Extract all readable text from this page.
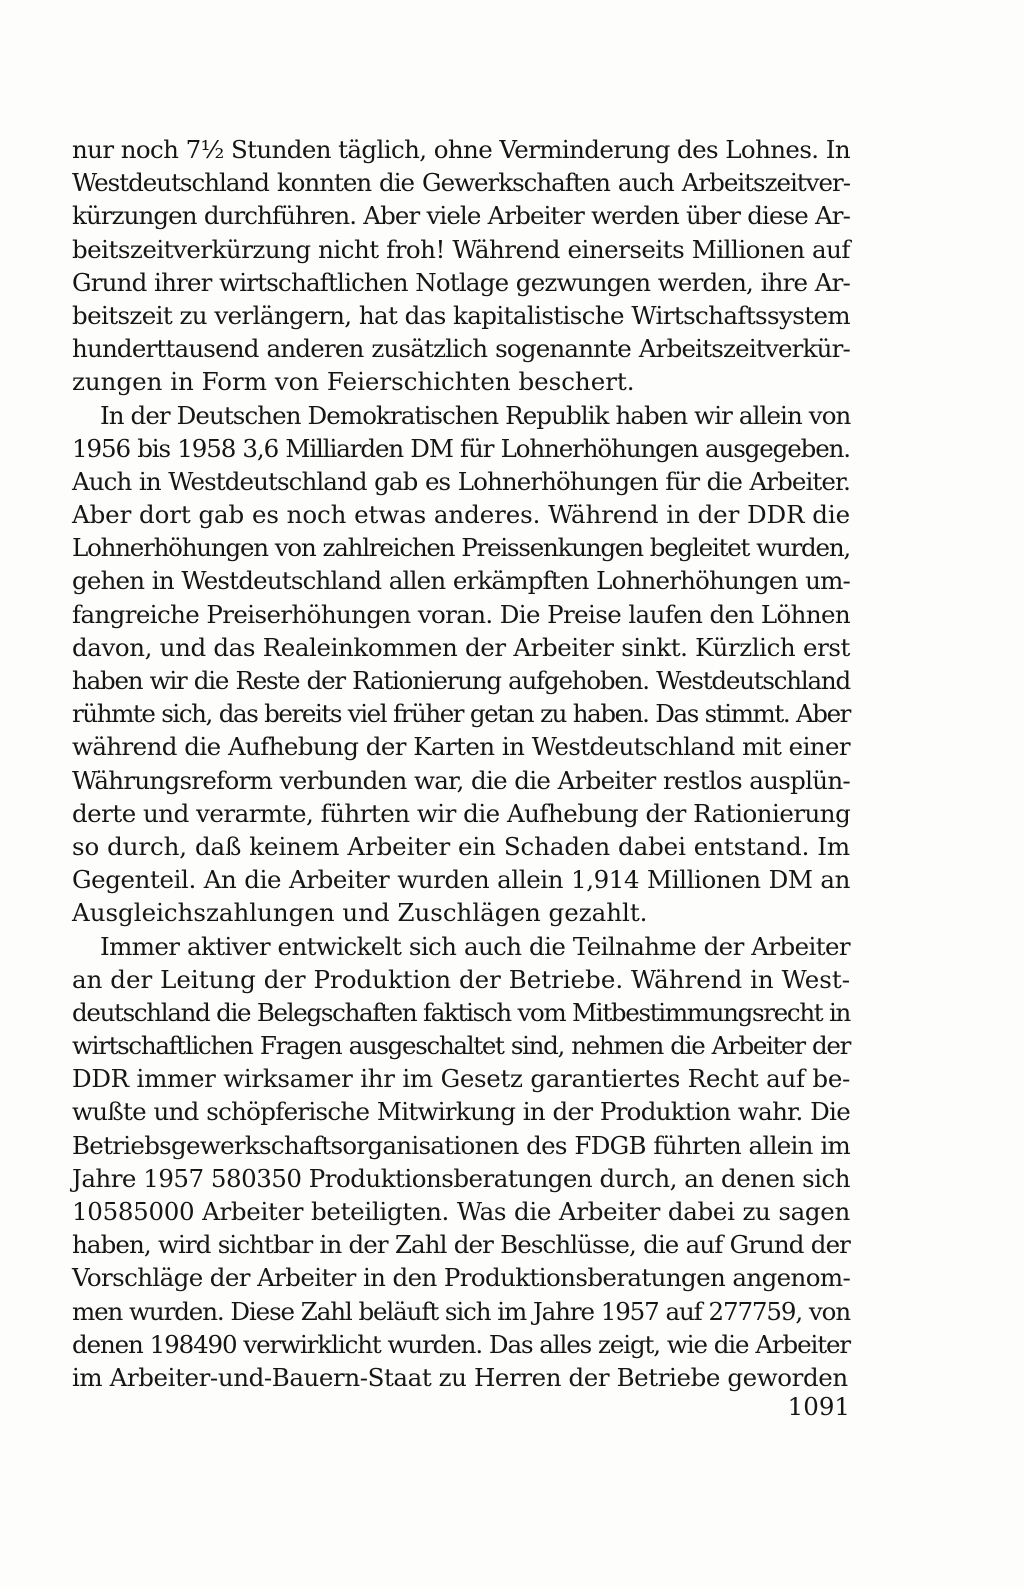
nur noch 7½ Stunden täglich, ohne Verminderung des Lohnes. In
Westdeutschland konnten die Gewerkschaften auch Arbeitszeitver-
kürzungen durchführen. Aber viele Arbeiter werden über diese Ar-
beitszeitverkürzung nicht froh! Während einerseits Millionen auf
Grund ihrer wirtschaftlichen Notlage gezwungen werden, ihre Ar-
beitszeit zu verlängern, hat das kapitalistische Wirtschaftssystem
hunderttausend anderen zusätzlich sogenannte Arbeitszeitverkür-
zungen in Form von Feierschichten beschert.
In der Deutschen Demokratischen Republik haben wir allein von
1956 bis 1958 3,6 Milliarden DM für Lohnerhöhungen ausgegeben.
Auch in Westdeutschland gab es Lohnerhöhungen für die Arbeiter.
Aber dort gab es noch etwas anderes. Während in der DDR die
Lohnerhöhungen von zahlreichen Preissenkungen begleitet wurden,
gehen in Westdeutschland allen erkämpften Lohnerhöhungen um-
fangreiche Preiserhöhungen voran. Die Preise laufen den Löhnen
davon, und das Realeinkommen der Arbeiter sinkt. Kürzlich erst
haben wir die Reste der Rationierung aufgehoben. Westdeutschland
rühmte sich, das bereits viel früher getan zu haben. Das stimmt. Aber
während die Aufhebung der Karten in Westdeutschland mit einer
Währungsreform verbunden war, die die Arbeiter restlos ausplün-
derte und verarmte, führten wir die Aufhebung der Rationierung
so durch, daß keinem Arbeiter ein Schaden dabei entstand. Im
Gegenteil. An die Arbeiter wurden allein 1,914 Millionen DM an
Ausgleichszahlungen und Zuschlägen gezahlt.
Immer aktiver entwickelt sich auch die Teilnahme der Arbeiter
an der Leitung der Produktion der Betriebe. Während in West-
deutschland die Belegschaften faktisch vom Mitbestimmungsrecht in
wirtschaftlichen Fragen ausgeschaltet sind, nehmen die Arbeiter der
DDR immer wirksamer ihr im Gesetz garantiertes Recht auf be-
wußte und schöpferische Mitwirkung in der Produktion wahr. Die
Betriebsgewerkschaftsorganisationen des FDGB führten allein im
Jahre 1957 580350 Produktionsberatungen durch, an denen sich
10585000 Arbeiter beteiligten. Was die Arbeiter dabei zu sagen
haben, wird sichtbar in der Zahl der Beschlüsse, die auf Grund der
Vorschläge der Arbeiter in den Produktionsberatungen angenom-
men wurden. Diese Zahl beläuft sich im Jahre 1957 auf 277759, von
denen 198490 verwirklicht wurden. Das alles zeigt, wie die Arbeiter
im Arbeiter-und-Bauern-Staat zu Herren der Betriebe geworden
1091
